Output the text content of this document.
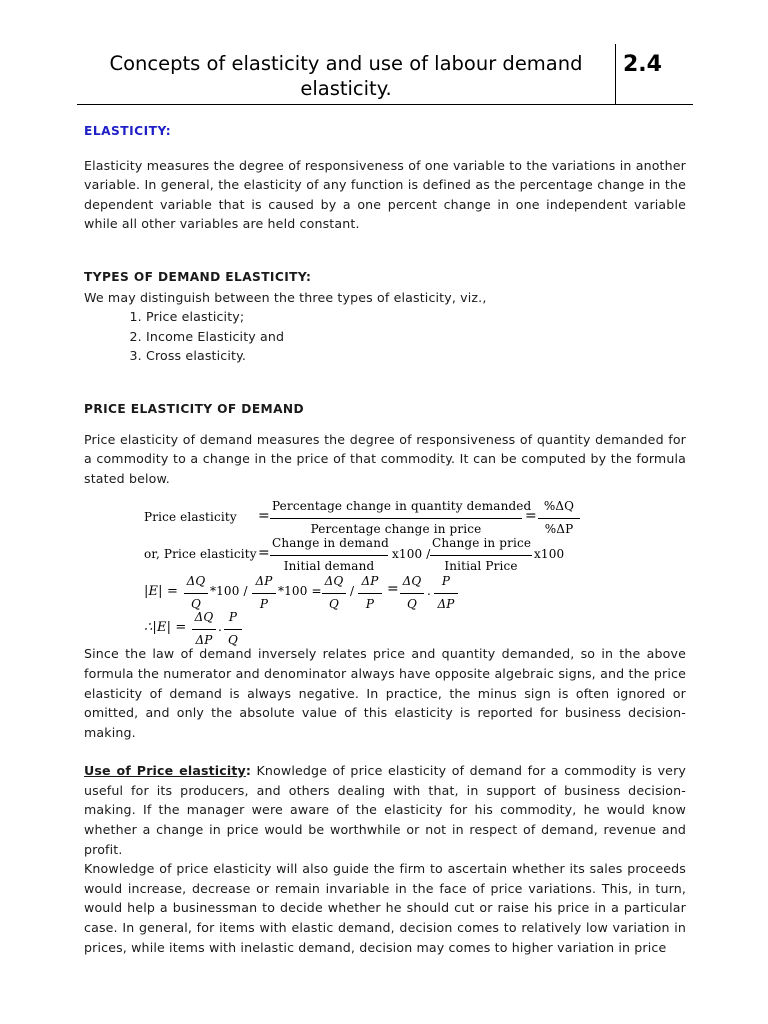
Concepts of elasticity and use of labour demand
elasticity.
2.4
ELASTICITY:

Elasticity measures the degree of responsiveness of one variable to the variations in another variable. In general, the elasticity of any function is defined as the percentage change in the dependent variable that is caused by a one percent change in one independent variable while all other variables are held constant.

TYPES OF DEMAND ELASTICITY:

We may distinguish between the three types of elasticity, viz.,

1. Price elasticity;
2. Income Elasticity and
3. Cross elasticity.
PRICE ELASTICITY OF DEMAND

Price elasticity of demand measures the degree of responsiveness of quantity demanded for a commodity to a change in the price of that commodity. It can be computed by the formula stated below.

Price elasticity =
Percentage change in quantity demanded
Percentage change in price
= $\frac{\%\Delta Q}{\%\Delta P}$
or, Price elasticity =
Change in demand
Initial demand
x100 /
Change in price
Initial Price
x100
$|E| = \frac{\Delta Q}{Q} *100 / \frac{\Delta P}{P} *100 = \frac{\Delta Q}{Q} / \frac{\Delta P}{P} = \frac{\Delta Q}{Q}$ . $\frac{P}{\Delta P}$
∴|E| = $\frac{\Delta Q}{\Delta P}$ . $\frac{P}{Q}$

Since the law of demand inversely relates price and quantity demanded, so in the above formula the numerator and denominator always have opposite algebraic signs, and the price elasticity of demand is always negative. In practice, the minus sign is often ignored or omitted, and only the absolute value of this elasticity is reported for business decision-making.

Use of Price elasticity: Knowledge of price elasticity of demand for a commodity is very useful for its producers, and others dealing with that, in support of business decision-making. If the manager were aware of the elasticity for his commodity, he would know whether a change in price would be worthwhile or not in respect of demand, revenue and profit.

Knowledge of price elasticity will also guide the firm to ascertain whether its sales proceeds would increase, decrease or remain invariable in the face of price variations. This, in turn, would help a businessman to decide whether he should cut or raise his price in a particular case. In general, for items with elastic demand, decision comes to relatively low variation in prices, while items with inelastic demand, decision may comes to higher variation in price
